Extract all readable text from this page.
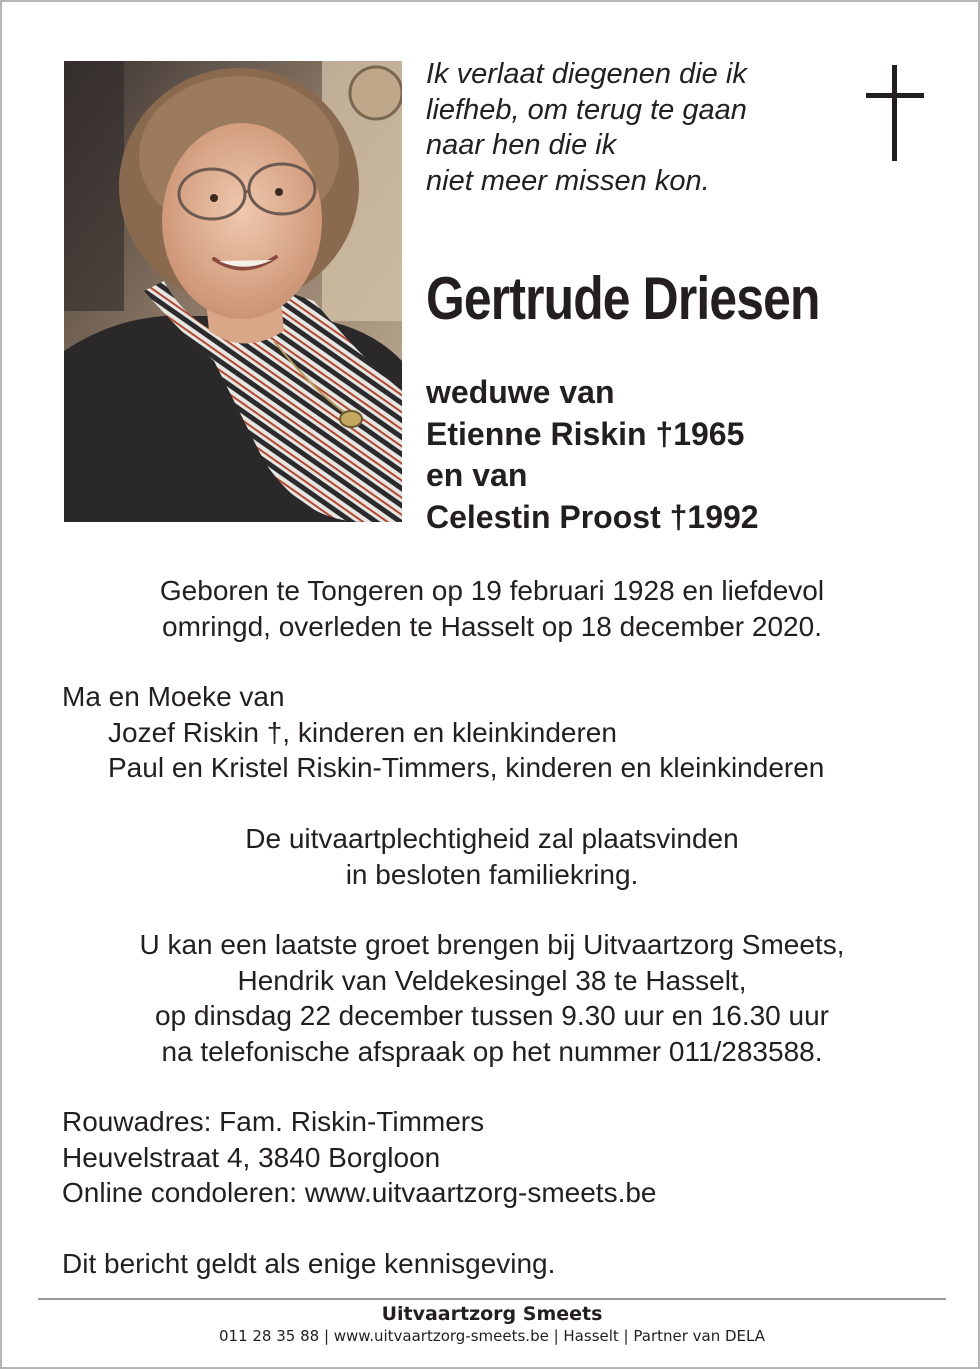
Ik verlaat diegenen die ik
liefheb, om terug te gaan
naar hen die ik
niet meer missen kon.
Gertrude Driesen
weduwe van
Etienne Riskin †1965
en van
Celestin Proost †1992
Geboren te Tongeren op 19 februari 1928 en liefdevol
omringd, overleden te Hasselt op 18 december 2020.
Ma en Moeke van
Jozef Riskin †, kinderen en kleinkinderen
Paul en Kristel Riskin-Timmers, kinderen en kleinkinderen
De uitvaartplechtigheid zal plaatsvinden
in besloten familiekring.
U kan een laatste groet brengen bij Uitvaartzorg Smeets,
Hendrik van Veldekesingel 38 te Hasselt,
op dinsdag 22 december tussen 9.30 uur en 16.30 uur
na telefonische afspraak op het nummer 011/283588.
Rouwadres: Fam. Riskin-Timmers
Heuvelstraat 4, 3840 Borgloon
Online condoleren: www.uitvaartzorg-smeets.be
Dit bericht geldt als enige kennisgeving.
Uitvaartzorg Smeets
011 28 35 88 | www.uitvaartzorg-smeets.be | Hasselt | Partner van DELA
